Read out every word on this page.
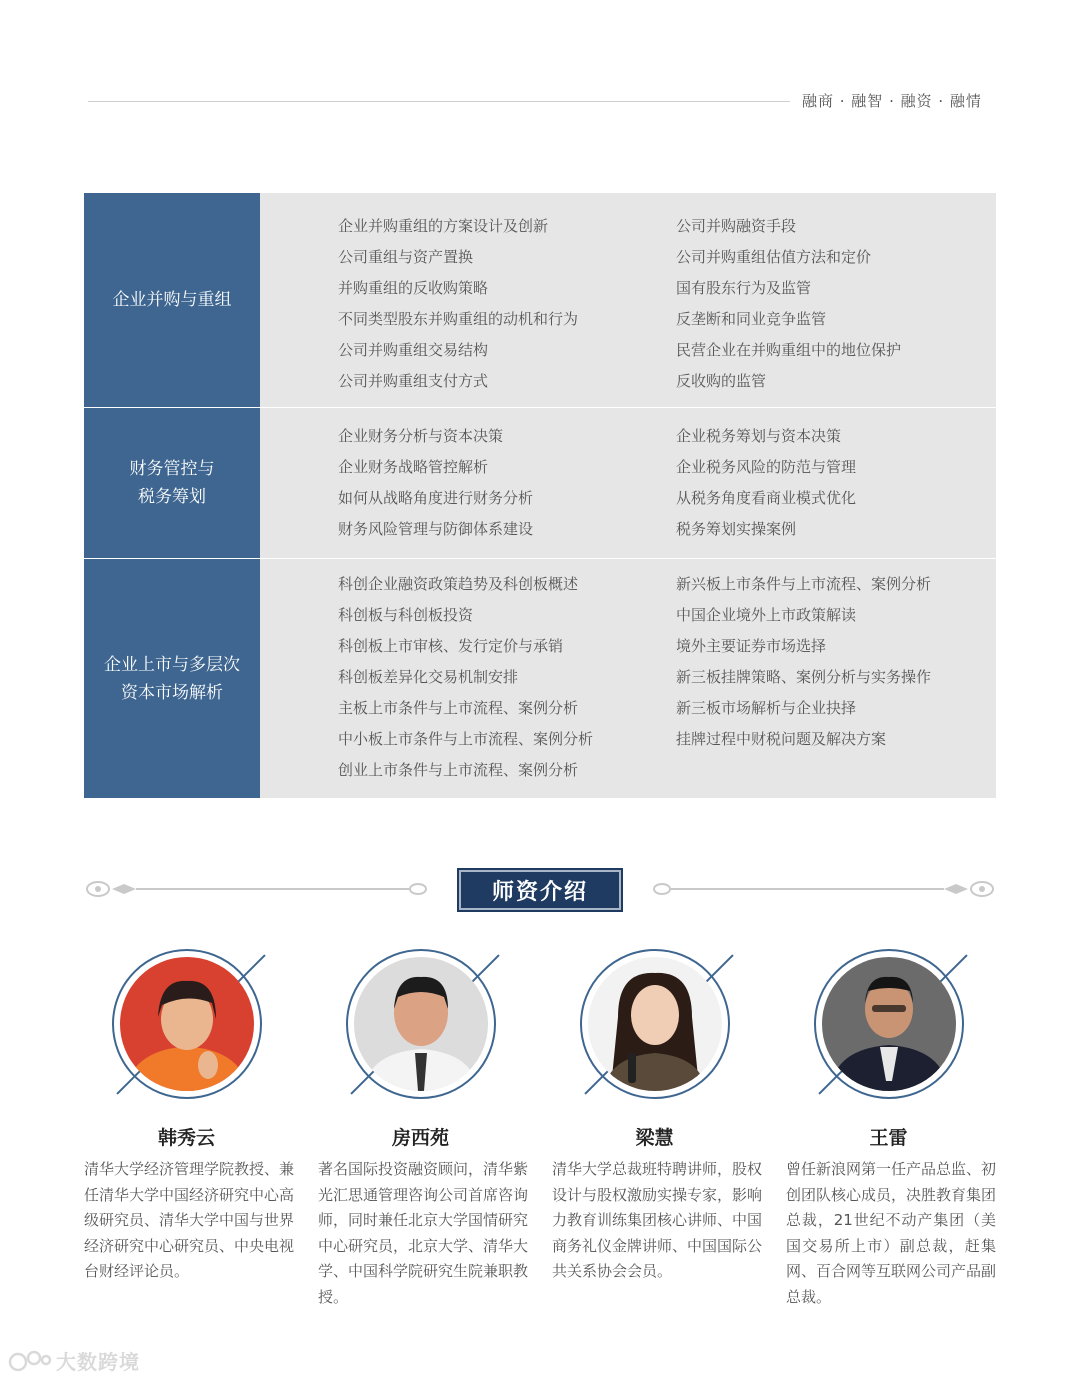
融商 · 融智 · 融资 · 融情
企业并购与重组
企业并购重组的方案设计及创新
公司重组与资产置换
并购重组的反收购策略
不同类型股东并购重组的动机和行为
公司并购重组交易结构
公司并购重组支付方式
公司并购融资手段
公司并购重组估值方法和定价
国有股东行为及监管
反垄断和同业竞争监管
民营企业在并购重组中的地位保护
反收购的监管
财务管控与
税务筹划
企业财务分析与资本决策
企业财务战略管控解析
如何从战略角度进行财务分析
财务风险管理与防御体系建设
企业税务筹划与资本决策
企业税务风险的防范与管理
从税务角度看商业模式优化
税务筹划实操案例
企业上市与多层次
资本市场解析
科创企业融资政策趋势及科创板概述
科创板与科创板投资
科创板上市审核、发行定价与承销
科创板差异化交易机制安排
主板上市条件与上市流程、案例分析
中小板上市条件与上市流程、案例分析
创业上市条件与上市流程、案例分析
新兴板上市条件与上市流程、案例分析
中国企业境外上市政策解读
境外主要证券市场选择
新三板挂牌策略、案例分析与实务操作
新三板市场解析与企业抉择
挂牌过程中财税问题及解决方案
师资介绍
韩秀云
清华大学经济管理学院教授、兼任清华大学中国经济研究中心高级研究员、清华大学中国与世界经济研究中心研究员、中央电视台财经评论员。
房西苑
著名国际投资融资顾问，清华紫光汇思通管理咨询公司首席咨询师，同时兼任北京大学国情研究中心研究员，北京大学、清华大学、中国科学院研究生院兼职教授。
梁慧
清华大学总裁班特聘讲师，股权设计与股权激励实操专家，影响力教育训练集团核心讲师、中国商务礼仪金牌讲师、中国国际公共关系协会会员。
王雷
曾任新浪网第一任产品总监、初创团队核心成员，决胜教育集团总裁，21世纪不动产集团（美国交易所上市）副总裁，赶集网、百合网等互联网公司产品副总裁。
大数跨境
